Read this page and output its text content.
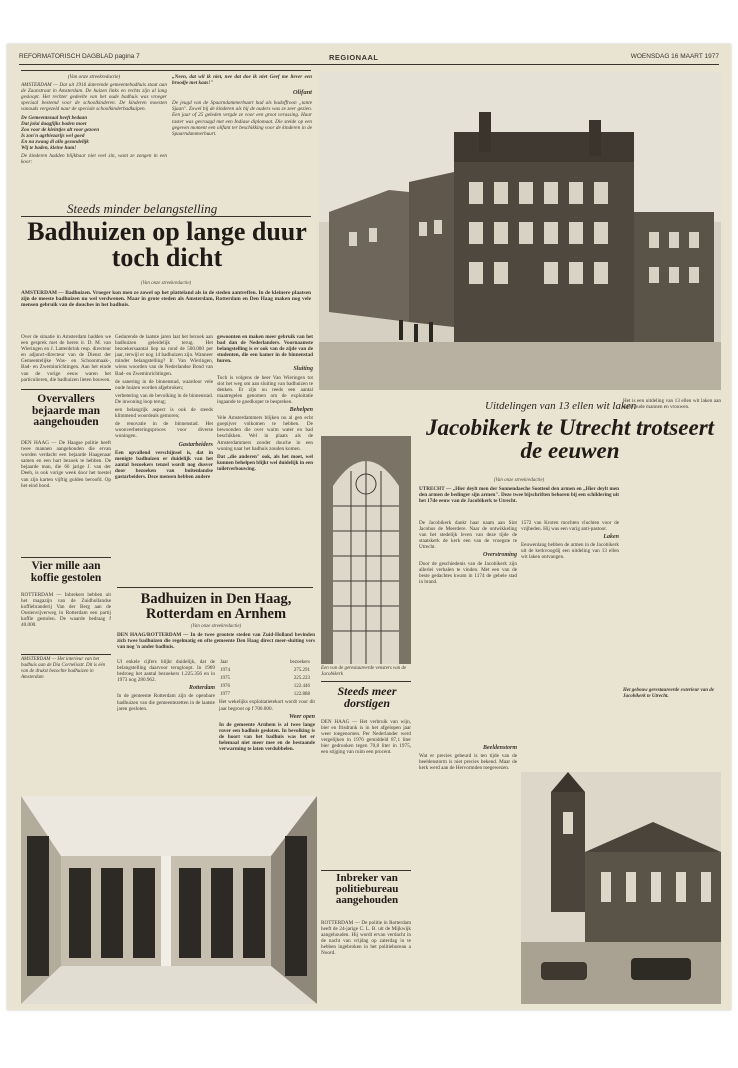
REFORMATORISCH DAGBLAD pagina 7	REGIONAAL	WOENSDAG 16 MAART 1977

(Van onze streekredactie)

AMSTERDAM — Dat uit 1916 daterende gemeentebadhuis staat aan de Zaanstraat in Amsterdam. De huizen links en rechts zijn al lang gesloopt. Het rechter gedeelte van het oude badhuis was vroeger speciaal bestemd voor de schoolkinderen. De kinderen moesten vanouds vergezeld naar de speciale schoolkinderbadkuipen.

De Gemeentezaal heeft bedaan

Dat jolai daagfijks baden moet

Zoo voor de kleintjes alt voor gezoen

Is zon'n agrbiezarijs wel goed

En na zwaag di allo gezondelijk

Wij te baden, kleine hum!

De kinderen hadden blijkbaar niet veel zin, want ze zongen in een koor:

„Neen, dat wil ik niet, nee dat doe ik niet Geef me liever een broodje met kaas!"

Olifant

De jeugd van de Spaarndammerbuurt had als badoffroon „tante Sjaan". Zowel bij de kinderen als bij de ouders was ze zeer gezien. Een jaar of 25 geleden vergde ze voor een groot verassing. Haar taster was gevraagd met een Indiase diplomaat. Die stelde op een gegeven moment een olifant ter beschikking voor de kinderen in de Spaarndammerbuurt.

Steeds minder belangstelling
Badhuizen op lange duur toch dicht
(Van onze streekredactie)
AMSTERDAM — Badhuizen. Vroeger kon men ze zowel op het platteland als in de steden aantreffen. In de kleinere plaatsen zijn de meeste badhuizen nu wel verdwenen. Maar in grote steden als Amsterdam, Rotterdam en Den Haag maken nog vele mensen gebruik van de douches in het badhuis.
Over de situatie in Amsterdam hadden we een gesprek met de heren ir. D. M. van Wieringen en J. Lattenbrink resp. directeur en adjunct-directeur van de Dienst der Gemeentelijke Was- en Schoonmaak-, Bad- en Zweminrichtingen. Aan het einde van de vorige eeuw waren het particulieren, die badhuizen lieten bouwen.

Gedurende de laatste jaren laat het bezoek aan badhuizen geleidelijk terug. Het bezoekersaantal liep na rond de 500.000 per jaar, terwijl er nog 14 badhuizen zijn. Wanneer minder belangstelling? Ir. Van Wieringen, wiens woorden van de Nederlandse Bond van Bad- en Zweminrichtingen.

de sanering in de binnenstad, waardoor vele oude huizen worden afgebroken;

verbetering van de bevolking in de binnenstad. De inwoning loop terug;

een belangrijk aspect is ook de steeds klimmend woordeals gemoren;

de renovatie in de binnenstad. Het woonverbeteringsproces voor diverse woningen.

Gastarbeiders

Een opvallend verschijnsel is, dat in menigte badhuizen er duidelijk van het aantal bezoekers tenzel wordt nog dusver door bezoeken van buitenlandse gastarbeiders. Deze mensen hebben andere

gewoonten en maken meer gebruik van het bad dan de Nederlanders. Voornaamste belangstelling is er ook van de zijde van de studenten, die een kamer in de binnenstad huren.

Sluiting

Toch is volgens de heer Van Wieringen tot slot het weg om aan sluiting van badhuizen te denken. Er zijn nu reeds een aantal maatregelen genomen om de exploitatie ingaande te goedkoper te bespreken.

Behelpen

Vele Amsterdammers blijken nu al gen echt goepijver volkomen te hebben. De bewoonden die over warm water en bad beschikken. Wel in plaats als de Amsterdammers zonder douche in een woning naar het badhuis zouden komen.

Dat „die anderen" ook, als het moet, wel kunnen behelpen blijkt wel duidelijk in een toiletverbouwing.

Overvallers bejaarde man aangehouden
DEN HAAG — De Haagse politie heeft twee mannen aangehouden die ervan worden verdacht een bejaarde Haagenaar samen en een hart bezoek te hebben. De bejaarde man, die 66 jarige J. van der Deeb, is ook vorige week door het toestel van zijn karten vijftig gulden beroofd. Op het eind bood.
Vier mille aan koffie gestolen
ROTTERDAM — Inbrekers hebben uit het magazijn van de Zuidhollandse koffiebranderij Van der Berg aan de Oostenvijverweg in Rotterdam een partij koffie gestolen. De waarde bedraag f 40.000.
AMSTERDAM — Het interieur van het badhuis aan de Dia Cornelisstr. Dit is één van de drukst bezochte badhuizen in Amsterdam
Badhuizen in Den Haag, Rotterdam en Arnhem
(Van onze streekredactie)
DEN HAAG/ROTTERDAM — In de twee grootste steden van Zuid-Holland bevinden zich twee badhuizen die regelmatig en ofte gemeente Den Haag direct meer-sluiting vers van nog 'n ander badhuis.

Ul enkele cijfers blijkt duidelijk, dat de belangstelling daarvoor terugloopt. In 1969 bedroeg het aantal bezoekers 1.225.356 en in 1973 nog 280.962.

Rotterdam

In de gemeente Rotterdam zijn de openbare badhuizen van die gemeentezetten in de laatste jaren gesloten.

Jaar	bezoekers
1974	275.291
1975	225.223
1976	122.446
1977	122.888

Het wekelijks exploitatietekort wordt voor dit jaar begroot op f 700.000.

Weer open

In de gemeente Arnhem is al twee lange rover een badhuis gesloten. In bevolking is de hoort van het badhuis was het er helemaal niet meer mee en de bestaande verwarming te laten verdubbelen.

Een van de gerestaureerde vensters van de Jacobikerk
Steeds meer dorstigen
DEN HAAG — Het verbruik van wijn, bier en frisdrank is in het afgelopen jaar weer toegenomen. Per Nederlander werd vergelijken in 1976 gemiddeld 87,1 liter bier gedronken tegen 70,8 liter in 1975, een stijging van ruim een procent.
Inbreker van politiebureau aangehouden
ROTTERDAM — De politie in Rotterdam heeft de 24-jarige C. L. B. uit de Mijkwijk aangehouden. Hij wordt ervan verdacht in de nacht van vrijdag op zaterdag in te hebben ingebroken in het politiebureau a Noord.
Uitdelingen van 13 ellen wit laken
Jacobikerk te Utrecht trotseert de eeuwen
(Van onze streekredactie)
UTRECHT — „Hier deylt men der Sonnendaeche Sootteol den armen en „Hier deylt men den armen de bedinger sijn armen". Deze twee bijschriften behoren bij een schildering uit het 17de eeuw van de Jacobikerk te Utrecht.

De Jacobikerk dankt haar naam aan Sint Jacobus de Meerdere. Naar de ontwikkeling van het stedelijk leven van deze tijde de staatskerk de kerk een van de vroegste te Utrecht.

Overstroming

Door de geschiedenis van de Jacobikerk zijn allerlei verhalen te vinden. Met een van de beste gedachtes kwam in 1174 de gehele stad in brand.

Beeldenstorm

Wat er precies gebeurd is ten tijde van de beeldenstorm is niet precies bekend. Maar de kerk werd aan de Hervormden toegewezen.

1572 van Kroten mochten vluchten voor de vrijheden. Hij was een vurig anti-pastoor.

Laken

Eeuwenlang hebben de armen in de Jacobikerk uit de kerkvoogdij een uitdeling van 13 ellen wit laken ontvangen.

Het is een uitdeling van 13 ellen wit laken aan arme oude mannen en vrouwen.

Het gebouw gerestaureerde exterieur van de Jacobikerk te Utrecht.
